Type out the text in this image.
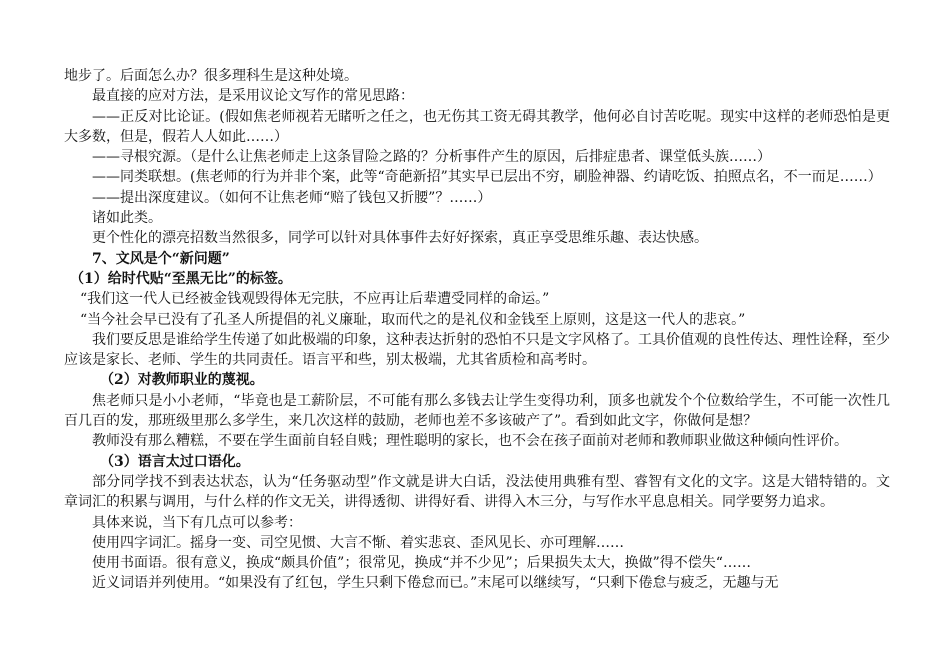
地步了。后面怎么办？很多理科生是这种处境。

最直接的应对方法，是采用议论文写作的常见思路：

——正反对比论证。(假如焦老师视若无睹听之任之，也无伤其工资无碍其教学，他何必自讨苦吃呢。现实中这样的老师恐怕是更大多数，但是，假若人人如此……）

——寻根究源。（是什么让焦老师走上这条冒险之路的？分析事件产生的原因，后排症患者、课堂低头族……）

——同类联想。(焦老师的行为并非个案，此等“奇葩新招”其实早已层出不穷，刷脸神器、约请吃饭、拍照点名，不一而足……）

——提出深度建议。（如何不让焦老师“赔了钱包又折腰”？……）

诸如此类。

更个性化的漂亮招数当然很多，同学可以针对具体事件去好好探索，真正享受思维乐趣、表达快感。

7、文风是个“新问题”

（1）给时代贴“至黑无比”的标签。

“我们这一代人已经被金钱观毁得体无完肤，不应再让后辈遭受同样的命运。”

“当今社会早已没有了孔圣人所提倡的礼义廉耻，取而代之的是礼仪和金钱至上原则，这是这一代人的悲哀。”

我们要反思是谁给学生传递了如此极端的印象，这种表达折射的恐怕不只是文字风格了。工具价值观的良性传达、理性诠释，至少应该是家长、老师、学生的共同责任。语言平和些，别太极端，尤其省质检和高考时。

（2）对教师职业的蔑视。

焦老师只是小小老师，“毕竟也是工薪阶层，不可能有那么多钱去让学生变得功利，顶多也就发个个位数给学生，不可能一次性几百几百的发，那班级里那么多学生，来几次这样的鼓励，老师也差不多该破产了”。看到如此文字，你做何是想？

教师没有那么糟糕，不要在学生面前自轻自贱；理性聪明的家长，也不会在孩子面前对老师和教师职业做这种倾向性评价。

（3）语言太过口语化。

部分同学找不到表达状态，认为“任务驱动型”作文就是讲大白话，没法使用典雅有型、睿智有文化的文字。这是大错特错的。文章词汇的积累与调用，与什么样的作文无关，讲得透彻、讲得好看、讲得入木三分，与写作水平息息相关。同学要努力追求。

具体来说，当下有几点可以参考：

使用四字词汇。摇身一变、司空见惯、大言不惭、着实悲哀、歪风见长、亦可理解……

使用书面语。很有意义，换成“颇具价值”；很常见，换成“并不少见”；后果损失太大，换做”得不偿失“……

近义词语并列使用。“如果没有了红包，学生只剩下倦怠而已。”末尾可以继续写，“只剩下倦怠与疲乏，无趣与无
